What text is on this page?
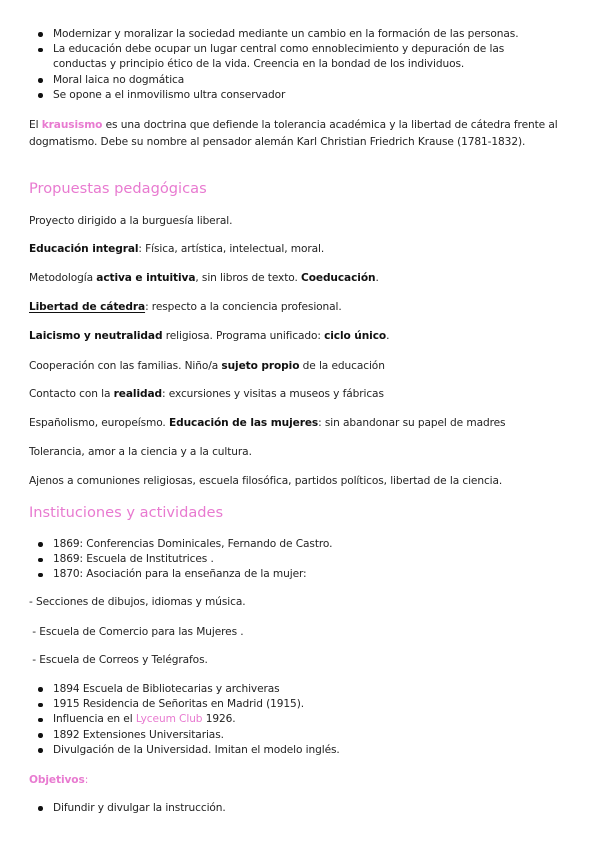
Modernizar y moralizar la sociedad mediante un cambio en la formación de las personas.
La educación debe ocupar un lugar central como ennoblecimiento y depuración de las conductas y principio ético de la vida. Creencia en la bondad de los individuos.
Moral laica no dogmática
Se opone a el inmovilismo ultra conservador

El krausismo es una doctrina que defiende la tolerancia académica y la libertad de cátedra frente al dogmatismo. Debe su nombre al pensador alemán Karl Christian Friedrich Krause (1781-1832).

Propuestas pedagógicas

Proyecto dirigido a la burguesía liberal.

Educación integral: Física, artística, intelectual, moral.

Metodología activa e intuitiva, sin libros de texto. Coeducación.

Libertad de cátedra: respecto a la conciencia profesional.

Laicismo y neutralidad religiosa. Programa unificado: ciclo único.

Cooperación con las familias. Niño/a sujeto propio de la educación

Contacto con la realidad: excursiones y visitas a museos y fábricas

Españolismo, europeísmo. Educación de las mujeres: sin abandonar su papel de madres

Tolerancia, amor a la ciencia y a la cultura.

Ajenos a comuniones religiosas, escuela filosófica, partidos políticos, libertad de la ciencia.

Instituciones y actividades
1869: Conferencias Dominicales, Fernando de Castro.
1869: Escuela de Institutrices .
1870: Asociación para la enseñanza de la mujer:

- Secciones de dibujos, idiomas y música.

- Escuela de Comercio para las Mujeres .

- Escuela de Correos y Telégrafos.

1894 Escuela de Bibliotecarias y archiveras
1915 Residencia de Señoritas en Madrid (1915).
Influencia en el Lyceum Club 1926.
1892 Extensiones Universitarias.
Divulgación de la Universidad. Imitan el modelo inglés.

Objetivos:

Difundir y divulgar la instrucción.
